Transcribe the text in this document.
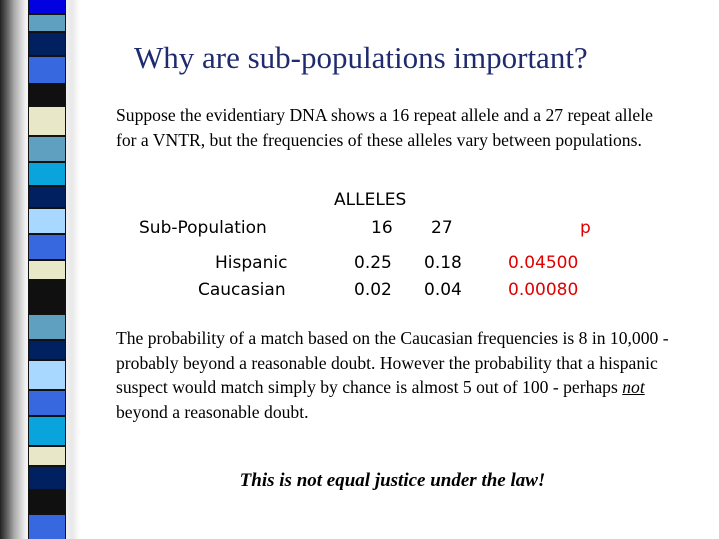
Why are sub-populations important?

Suppose the evidentiary DNA shows a 16 repeat allele and a 27 repeat allele for a VNTR, but the frequencies of these alleles vary between populations.

ALLELES
Sub-Population	16 27	p
Hispanic	0.25 0.18	0.04500
Caucasian	0.02 0.04	0.00080

The probability of a match based on the Caucasian frequencies is 8 in 10,000 - probably beyond a reasonable doubt. However the probability that a hispanic suspect would match simply by chance is almost 5 out of 100 - perhaps not beyond a reasonable doubt.

This is not equal justice under the law!
